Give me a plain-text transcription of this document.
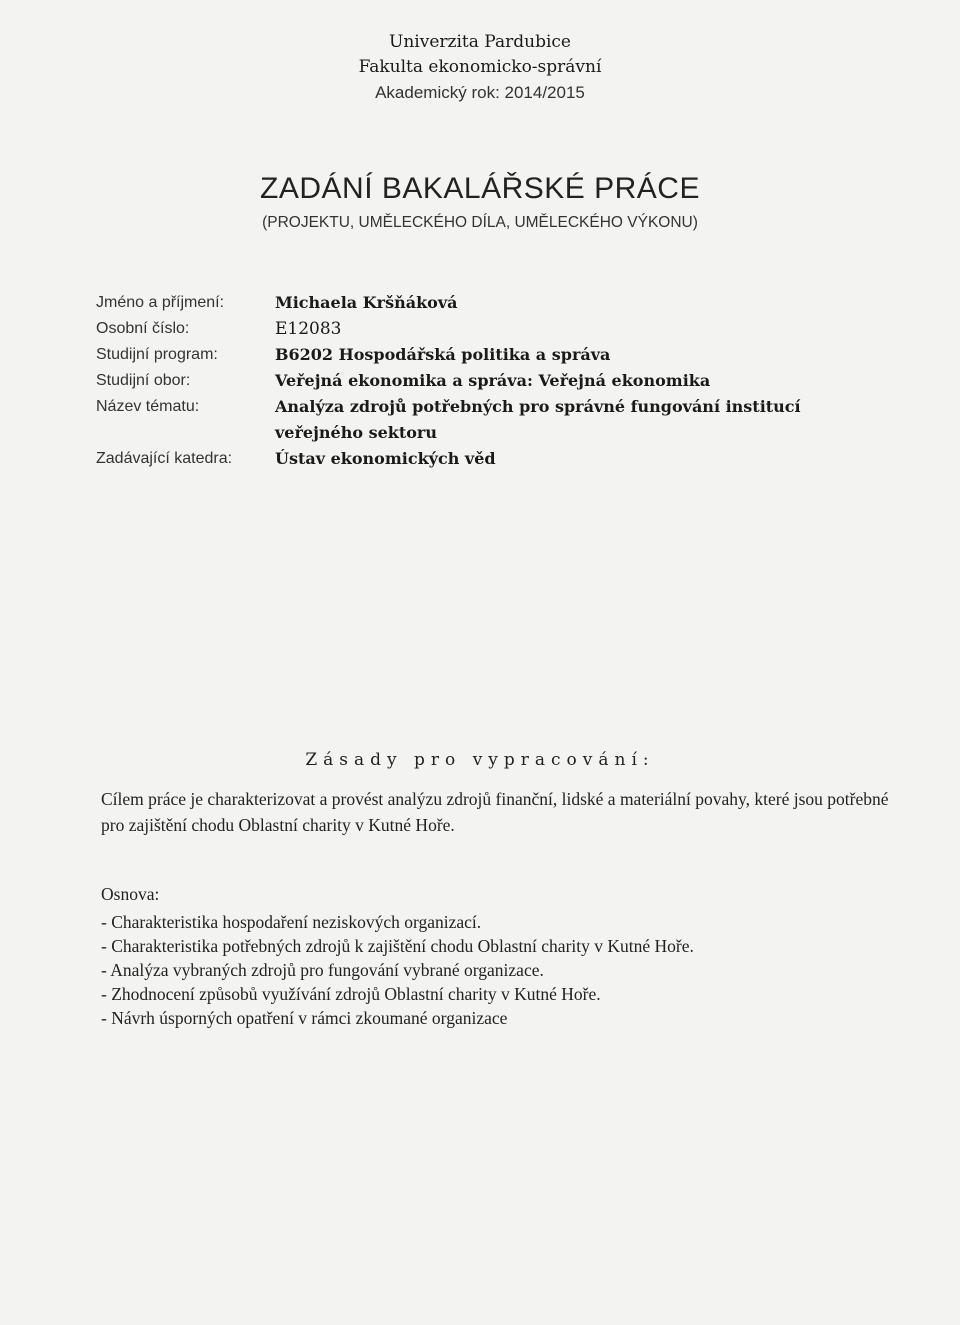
Univerzita Pardubice
Fakulta ekonomicko-správní
Akademický rok: 2014/2015
ZADÁNÍ BAKALÁŘSKÉ PRÁCE
(PROJEKTU, UMĚLECKÉHO DÍLA, UMĚLECKÉHO VÝKONU)
Jméno a příjmení:	Michaela Kršňáková
Osobní číslo:	E12083
Studijní program:	B6202 Hospodářská politika a správa
Studijní obor:	Veřejná ekonomika a správa: Veřejná ekonomika
Název tématu:	Analýza zdrojů potřebných pro správné fungování institucí veřejného sektoru
Zadávající katedra:	Ústav ekonomických věd
Zásady pro vypracování:
Cílem práce je charakterizovat a provést analýzu zdrojů finanční, lidské a materiální povahy, které jsou potřebné pro zajištění chodu Oblastní charity v Kutné Hoře.
Osnova:
- Charakteristika hospodaření neziskových organizací.
- Charakteristika potřebných zdrojů k zajištění chodu Oblastní charity v Kutné Hoře.
- Analýza vybraných zdrojů pro fungování vybrané organizace.
- Zhodnocení způsobů využívání zdrojů Oblastní charity v Kutné Hoře.
- Návrh úsporných opatření v rámci zkoumané organizace
